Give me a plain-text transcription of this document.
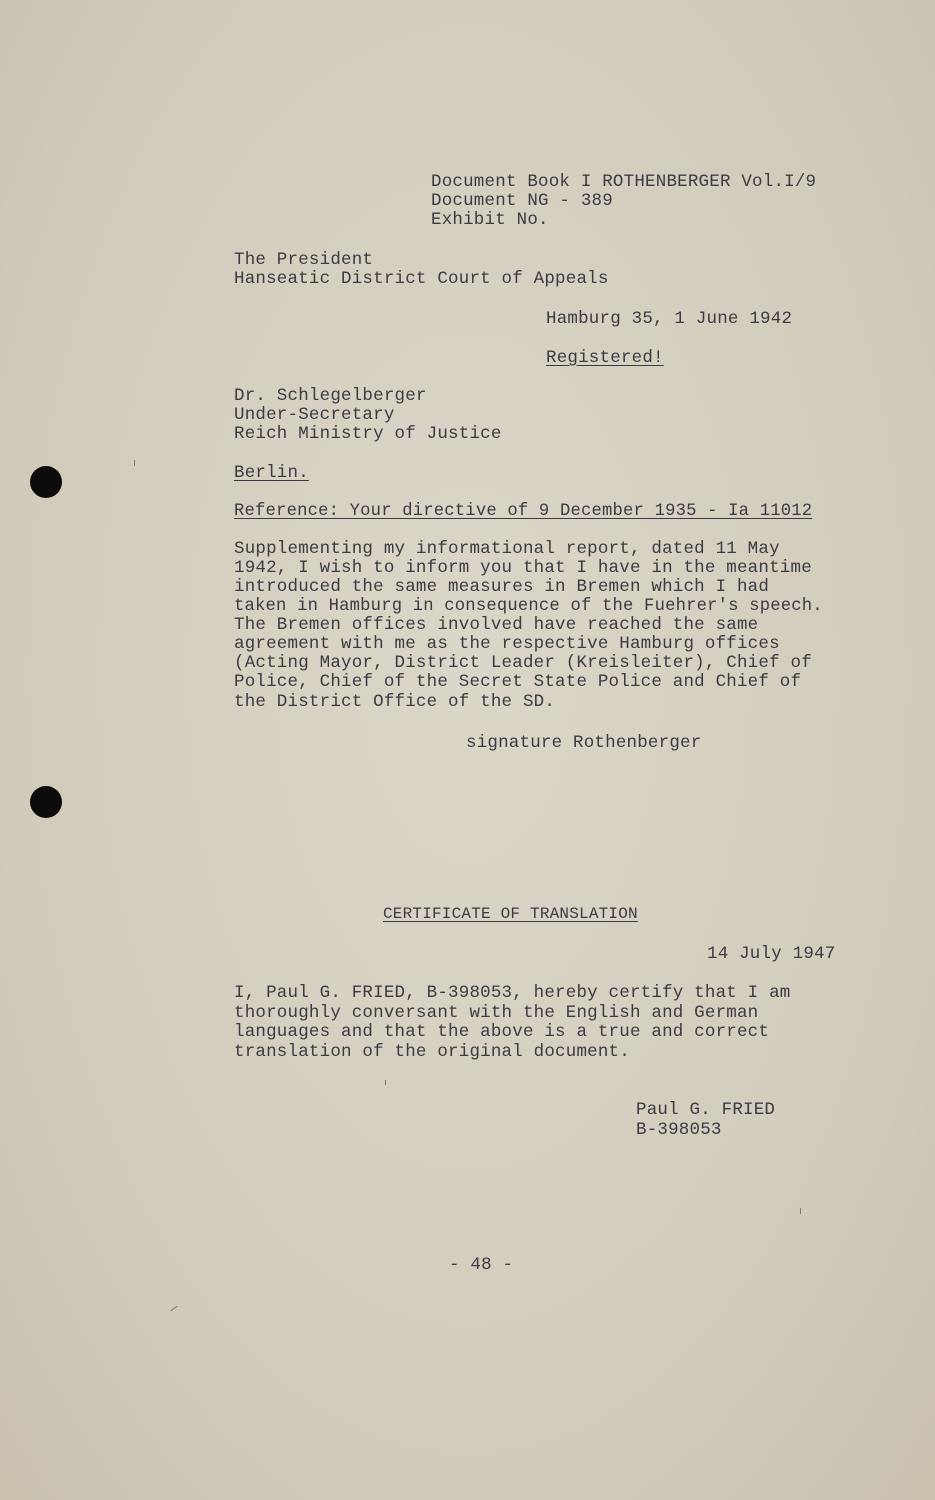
Document Book I ROTHENBERGER Vol.I/9
Document NG - 389
Exhibit No.
The President
Hanseatic District Court of Appeals
Hamburg 35, 1 June 1942
Registered!
Dr. Schlegelberger
Under-Secretary
Reich Ministry of Justice
Berlin.
Reference: Your directive of 9 December 1935 - Ia 11012
Supplementing my informational report, dated 11 May
1942, I wish to inform you that I have in the meantime
introduced the same measures in Bremen which I had
taken in Hamburg in consequence of the Fuehrer's speech.
The Bremen offices involved have reached the same
agreement with me as the respective Hamburg offices
(Acting Mayor, District Leader (Kreisleiter), Chief of
Police, Chief of the Secret State Police and Chief of
the District Office of the SD.
signature Rothenberger
CERTIFICATE OF TRANSLATION
14 July 1947
I, Paul G. FRIED, B-398053, hereby certify that I am
thoroughly conversant with the English and German
languages and that the above is a true and correct
translation of the original document.
Paul G. FRIED
B-398053
- 48 -
